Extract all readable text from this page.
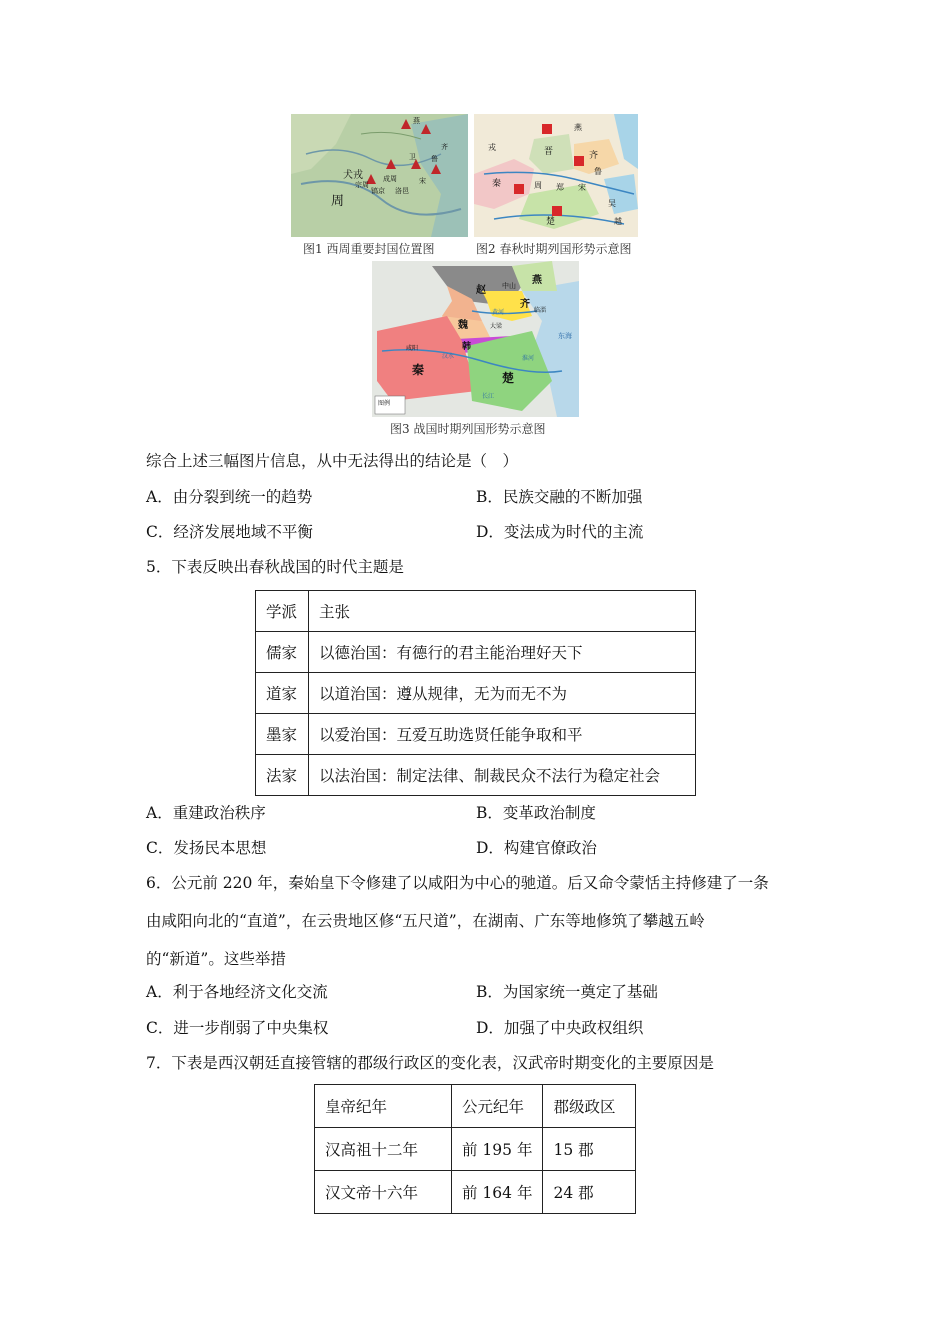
犬戎
周
宗周
成周
镐京 洛邑
燕
鲁
齐
卫
宋
图1 西周重要封国位置图
晋	齐
鲁
秦
楚
吴
越
燕
宋
郑
周
戎
图2 春秋时期列国形势示意图
赵
燕
中山
齐
魏
韩
秦
楚
临淄
大梁
咸阳
黄河
淮河
汉水
长江
东海
图例
图3 战国时期列国形势示意图
综合上述三幅图片信息，从中无法得出的结论是（　）
A．由分裂到统一的趋势	B．民族交融的不断加强
C．经济发展地域不平衡	D．变法成为时代的主流
5．下表反映出春秋战国的时代主题是
学派	主张
儒家	以德治国：有德行的君主能治理好天下
道家	以道治国：遵从规律，无为而无不为
墨家	以爱治国：互爱互助选贤任能争取和平
法家	以法治国：制定法律、制裁民众不法行为稳定社会
A．重建政治秩序	B．变革政治制度
C．发扬民本思想	D．构建官僚政治
6．公元前 220 年，秦始皇下令修建了以咸阳为中心的驰道。后又命令蒙恬主持修建了一条
由咸阳向北的“直道”，在云贵地区修“五尺道”，在湖南、广东等地修筑了攀越五岭
的“新道”。这些举措
A．利于各地经济文化交流	B．为国家统一奠定了基础
C．进一步削弱了中央集权	D．加强了中央政权组织
7．下表是西汉朝廷直接管辖的郡级行政区的变化表，汉武帝时期变化的主要原因是
皇帝纪年	公元纪年	郡级政区
汉高祖十二年	前 195 年	15 郡
汉文帝十六年	前 164 年	24 郡
